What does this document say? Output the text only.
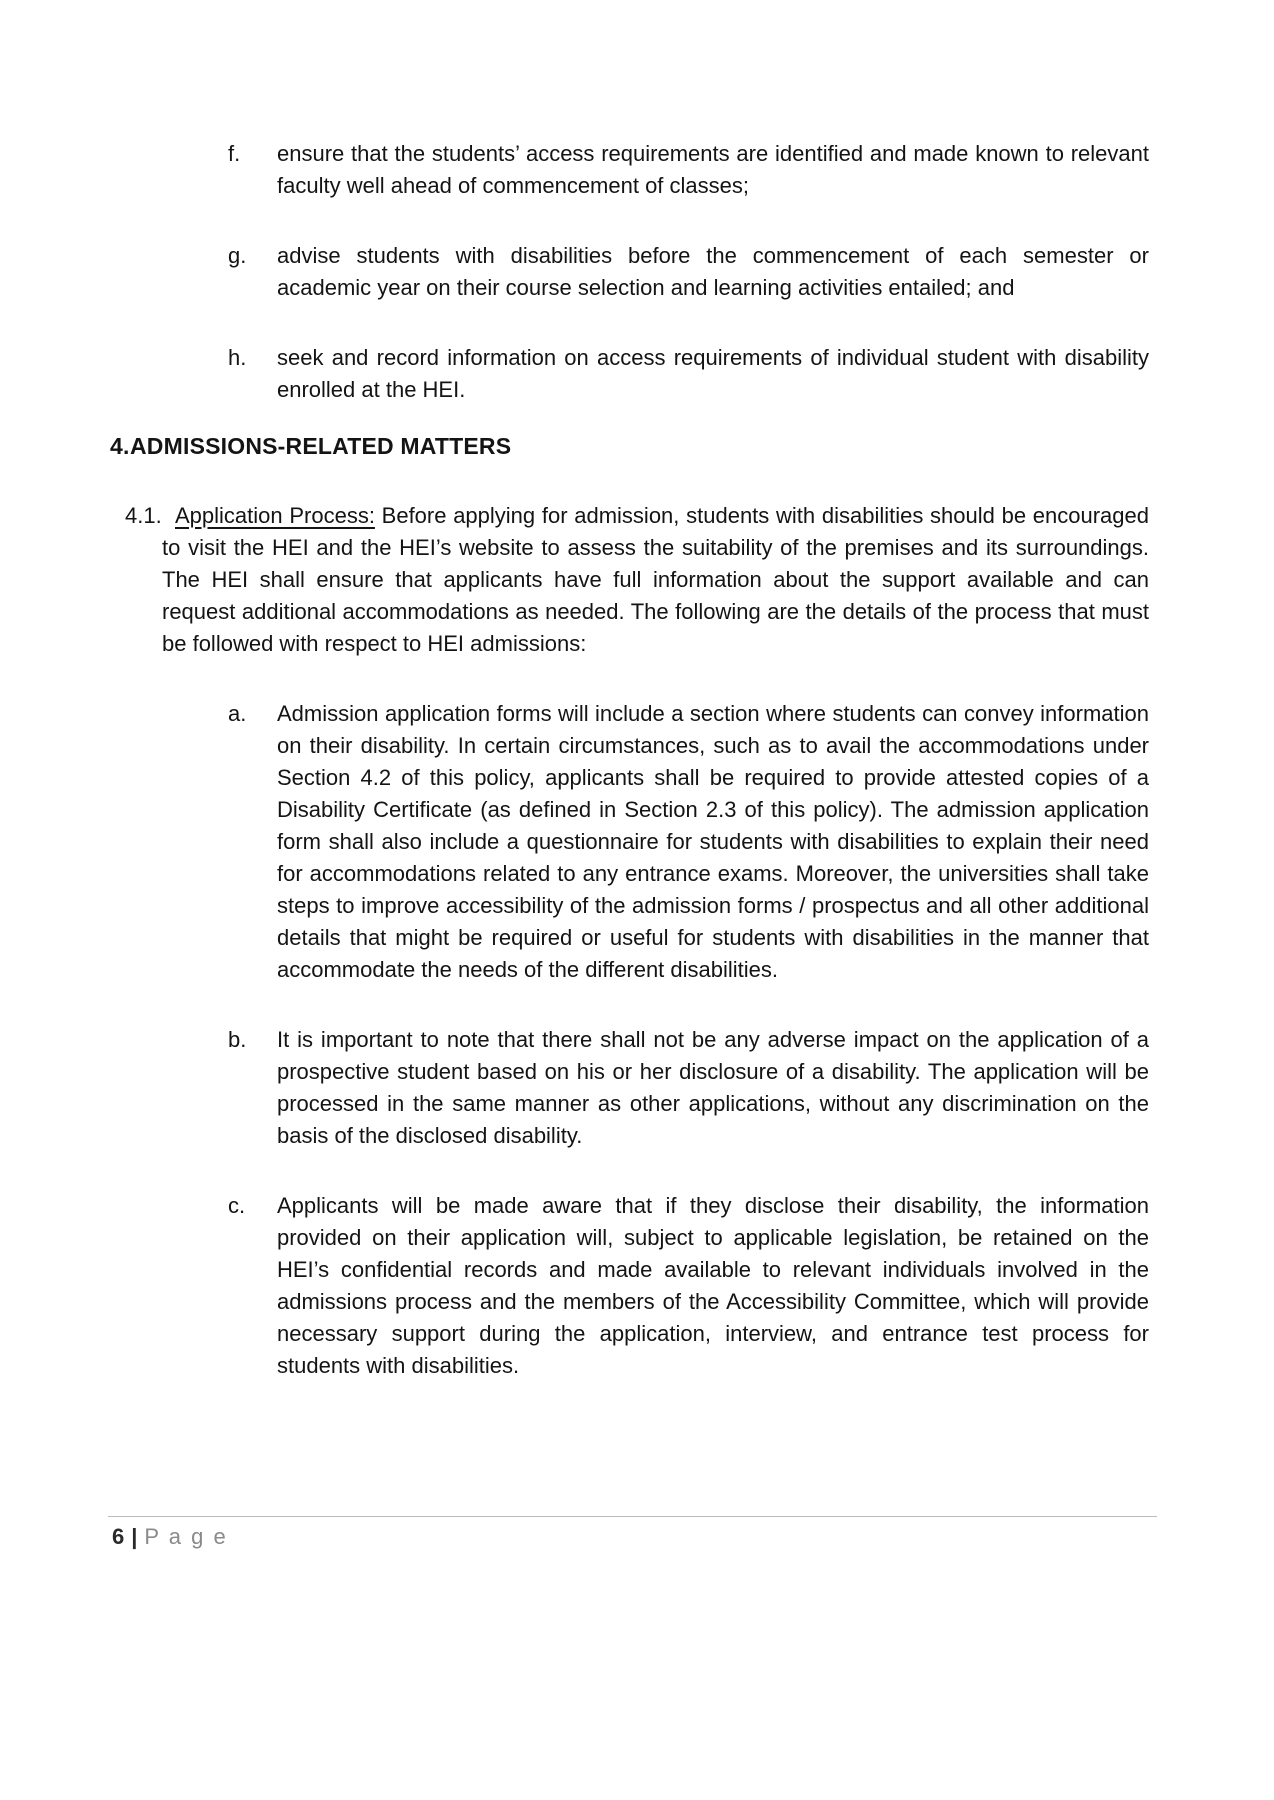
f. ensure that the students’ access requirements are identified and made known to relevant faculty well ahead of commencement of classes;
g. advise students with disabilities before the commencement of each semester or academic year on their course selection and learning activities entailed; and
h. seek and record information on access requirements of individual student with disability enrolled at the HEI.
4.ADMISSIONS-RELATED MATTERS
4.1. Application Process: Before applying for admission, students with disabilities should be encouraged to visit the HEI and the HEI’s website to assess the suitability of the premises and its surroundings. The HEI shall ensure that applicants have full information about the support available and can request additional accommodations as needed. The following are the details of the process that must be followed with respect to HEI admissions:
a. Admission application forms will include a section where students can convey information on their disability. In certain circumstances, such as to avail the accommodations under Section 4.2 of this policy, applicants shall be required to provide attested copies of a Disability Certificate (as defined in Section 2.3 of this policy). The admission application form shall also include a questionnaire for students with disabilities to explain their need for accommodations related to any entrance exams. Moreover, the universities shall take steps to improve accessibility of the admission forms / prospectus and all other additional details that might be required or useful for students with disabilities in the manner that accommodate the needs of the different disabilities.
b. It is important to note that there shall not be any adverse impact on the application of a prospective student based on his or her disclosure of a disability. The application will be processed in the same manner as other applications, without any discrimination on the basis of the disclosed disability.
c. Applicants will be made aware that if they disclose their disability, the information provided on their application will, subject to applicable legislation, be retained on the HEI’s confidential records and made available to relevant individuals involved in the admissions process and the members of the Accessibility Committee, which will provide necessary support during the application, interview, and entrance test process for students with disabilities.
6 | P a g e
